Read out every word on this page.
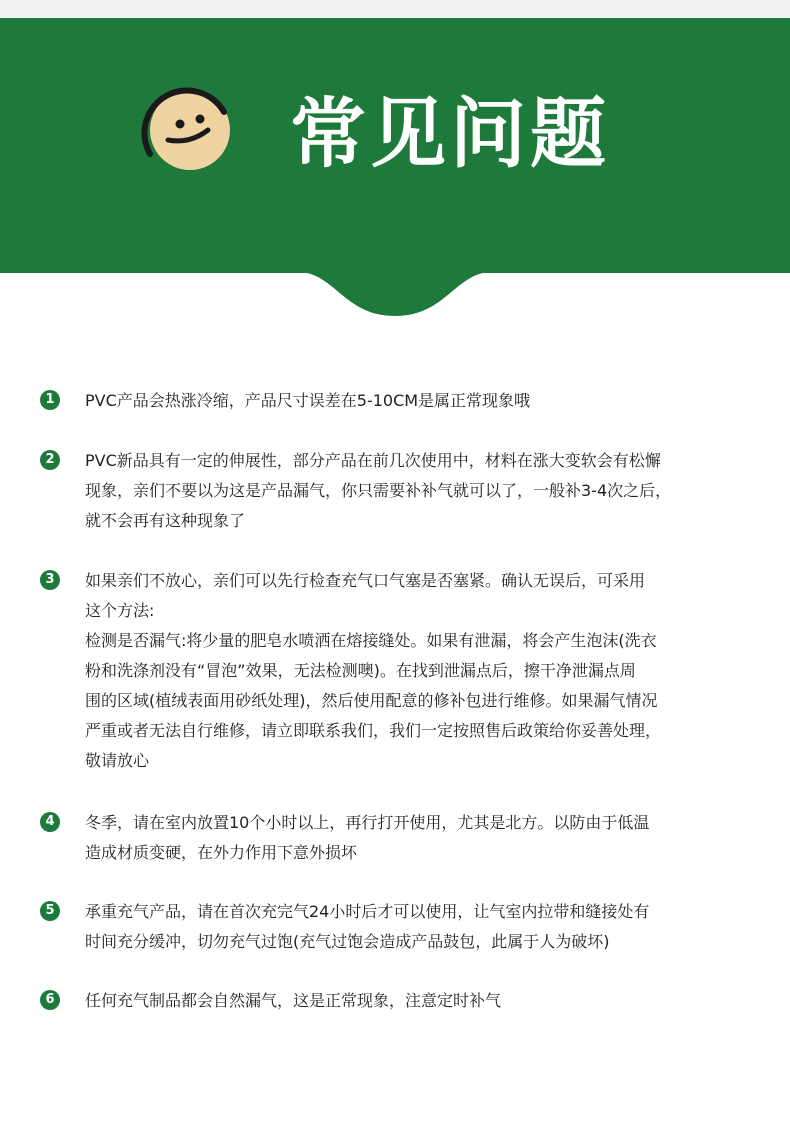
常见问题
1	PVC产品会热涨冷缩，产品尺寸误差在5-10CM是属正常现象哦
2	PVC新品具有一定的伸展性，部分产品在前几次使用中，材料在涨大变软会有松懈
现象，亲们不要以为这是产品漏气，你只需要补补气就可以了，一般补3-4次之后，
就不会再有这种现象了
3	如果亲们不放心，亲们可以先行检查充气口气塞是否塞紧。确认无误后，可采用
这个方法:
检测是否漏气:将少量的肥皂水喷洒在熔接缝处。如果有泄漏，将会产生泡沫(洗衣
粉和洗涤剂没有“冒泡”效果，无法检测噢)。在找到泄漏点后，擦干净泄漏点周
围的区域(植绒表面用砂纸处理)，然后使用配意的修补包进行维修。如果漏气情况
严重或者无法自行维修，请立即联系我们，我们一定按照售后政策给你妥善处理，
敬请放心
4	冬季，请在室内放置10个小时以上，再行打开使用，尤其是北方。以防由于低温
造成材质变硬，在外力作用下意外损坏
5	承重充气产品，请在首次充完气24小时后才可以使用，让气室内拉带和缝接处有
时间充分缓冲，切勿充气过饱(充气过饱会造成产品鼓包，此属于人为破坏)
6	任何充气制品都会自然漏气，这是正常现象，注意定时补气
